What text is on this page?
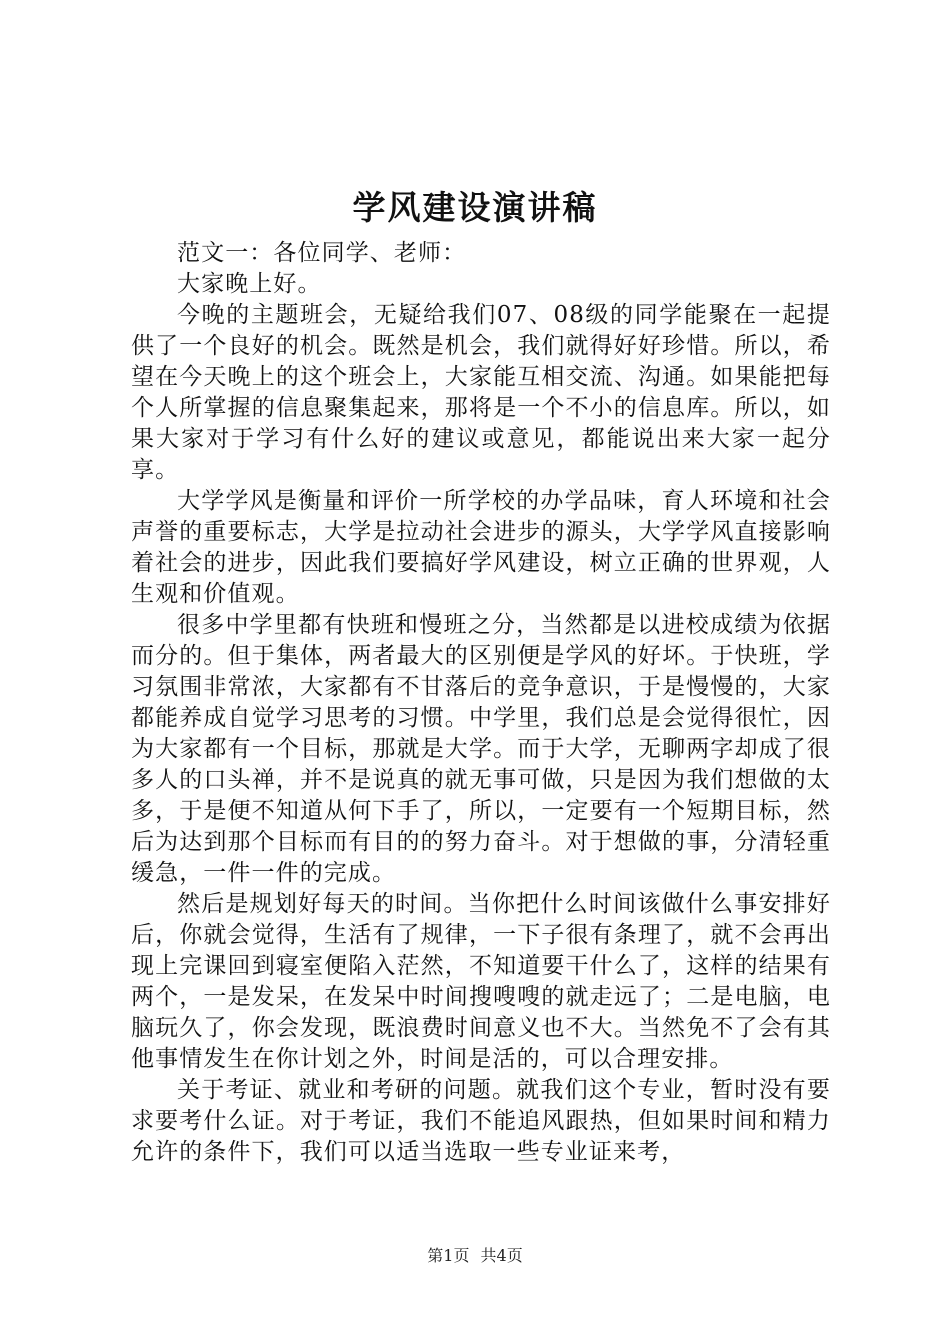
学风建设演讲稿

范文一：各位同学、老师：

大家晚上好。

今晚的主题班会，无疑给我们07、08级的同学能聚在一起提供了一个良好的机会。既然是机会，我们就得好好珍惜。所以，希望在今天晚上的这个班会上，大家能互相交流、沟通。如果能把每个人所掌握的信息聚集起来，那将是一个不小的信息库。所以，如果大家对于学习有什么好的建议或意见，都能说出来大家一起分享。

大学学风是衡量和评价一所学校的办学品味，育人环境和社会声誉的重要标志，大学是拉动社会进步的源头，大学学风直接影响着社会的进步，因此我们要搞好学风建设，树立正确的世界观，人生观和价值观。

很多中学里都有快班和慢班之分，当然都是以进校成绩为依据而分的。但于集体，两者最大的区别便是学风的好坏。于快班，学习氛围非常浓，大家都有不甘落后的竞争意识，于是慢慢的，大家都能养成自觉学习思考的习惯。中学里，我们总是会觉得很忙，因为大家都有一个目标，那就是大学。而于大学，无聊两字却成了很多人的口头禅，并不是说真的就无事可做，只是因为我们想做的太多，于是便不知道从何下手了，所以，一定要有一个短期目标，然后为达到那个目标而有目的的努力奋斗。对于想做的事，分清轻重缓急，一件一件的完成。

然后是规划好每天的时间。当你把什么时间该做什么事安排好后，你就会觉得，生活有了规律，一下子很有条理了，就不会再出现上完课回到寝室便陷入茫然，不知道要干什么了，这样的结果有两个，一是发呆，在发呆中时间搜嗖嗖的就走远了；二是电脑，电脑玩久了，你会发现，既浪费时间意义也不大。当然免不了会有其他事情发生在你计划之外，时间是活的，可以合理安排。

关于考证、就业和考研的问题。就我们这个专业，暂时没有要求要考什么证。对于考证，我们不能追风跟热，但如果时间和精力允许的条件下，我们可以适当选取一些专业证来考，

第1页 共4页
